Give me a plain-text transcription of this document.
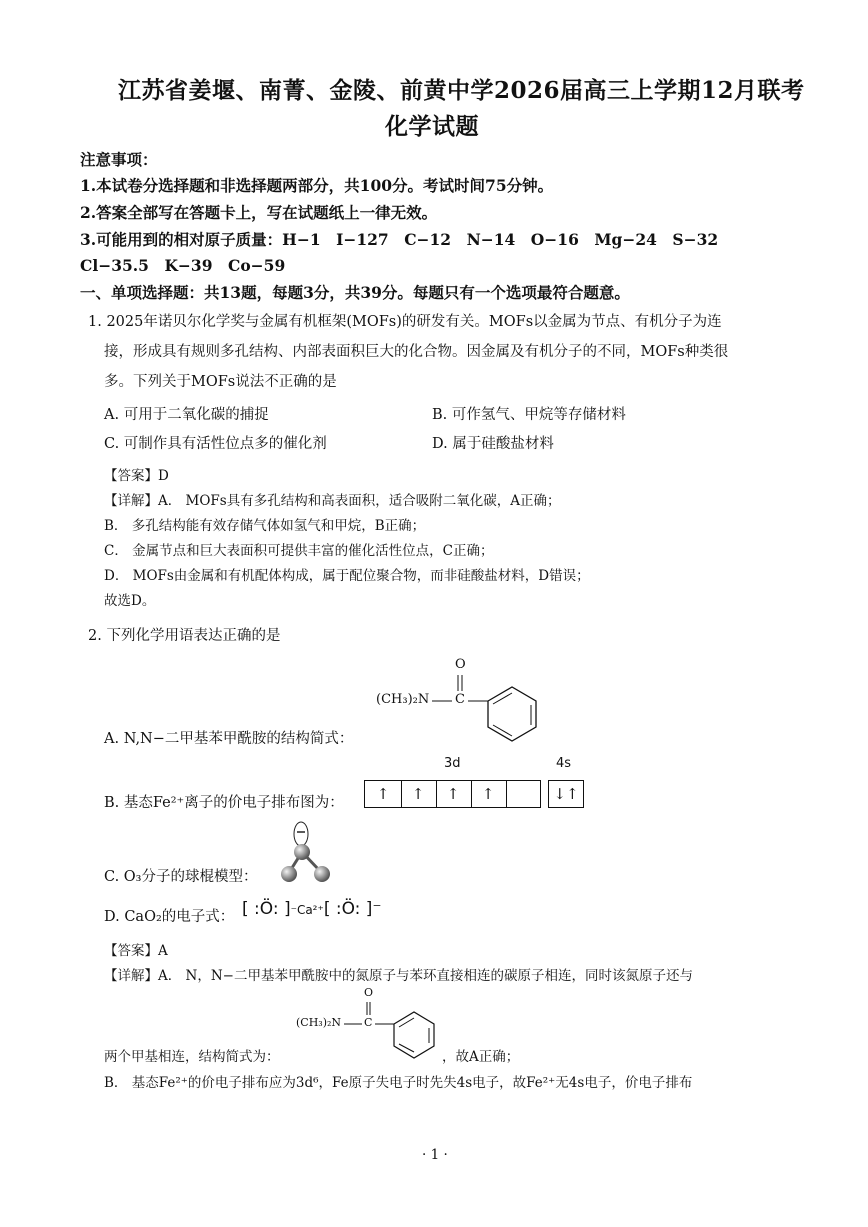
江苏省姜堰、南菁、金陵、前黄中学2026届高三上学期12月联考
化学试题
注意事项：
1.本试卷分选择题和非选择题两部分，共100分。考试时间75分钟。
2.答案全部写在答题卡上，写在试题纸上一律无效。
3.可能用到的相对原子质量：H−1　I−127　C−12　N−14　O−16　Mg−24　S−32
Cl−35.5　K−39　Co−59
一、单项选择题：共13题，每题3分，共39分。每题只有一个选项最符合题意。
1. 2025年诺贝尔化学奖与金属有机框架(MOFs)的研发有关。MOFs以金属为节点、有机分子为连
接，形成具有规则多孔结构、内部表面积巨大的化合物。因金属及有机分子的不同，MOFs种类很
多。下列关于MOFs说法不正确的是
A. 可用于二氧化碳的捕捉	B. 可作氢气、甲烷等存储材料
C. 可制作具有活性位点多的催化剂	D. 属于硅酸盐材料
【答案】D
【详解】A． MOFs具有多孔结构和高表面积，适合吸附二氧化碳，A正确；
B． 多孔结构能有效存储气体如氢气和甲烷，B正确；
C． 金属节点和巨大表面积可提供丰富的催化活性位点，C正确；
D． MOFs由金属和有机配体构成，属于配位聚合物，而非硅酸盐材料，D错误；
故选D。
2. 下列化学用语表达正确的是
(CH₃)₂N
O
C
A. N,N−二甲基苯甲酰胺的结构简式：
3d	4s
B. 基态Fe²⁺离子的价电子排布图为：	↑	↑	↑	↑	↓↑
C. O₃分子的球棍模型：
D. CaO₂的电子式： [ :Ö: ]⁻Ca²⁺[ :Ö: ]⁻
【答案】A
【详解】A． N，N−二甲基苯甲酰胺中的氮原子与苯环直接相连的碳原子相连，同时该氮原子还与
(CH₃)₂N
O
C
两个甲基相连，结构简式为：	，故A正确；
B． 基态Fe²⁺的价电子排布应为3d⁶，Fe原子失电子时先失4s电子，故Fe²⁺无4s电子，价电子排布
· 1 ·
